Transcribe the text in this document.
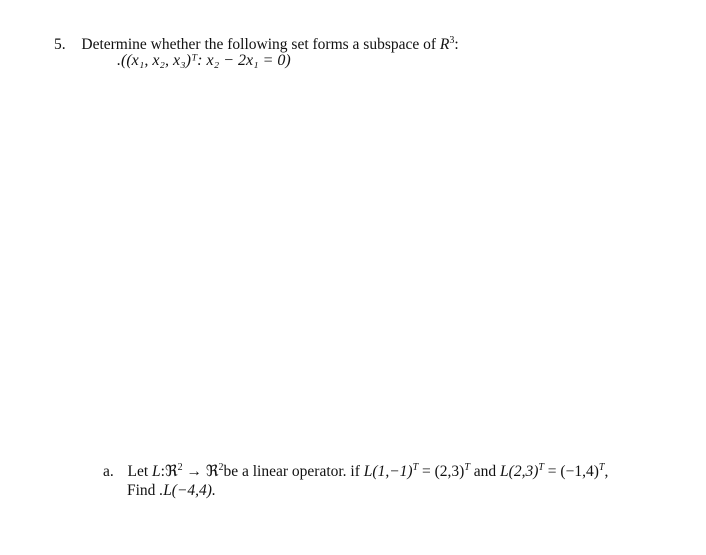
5. Determine whether the following set forms a subspace of $R^3$:
.((x₁, x₂, x₃)ᵀ: x₂ − 2x₁ = 0)
a. Let L:ℜ$^2$ → ℜ$^2$be a linear operator. if $L(1,-1)^T = (2,3)^T$ and $L(2,3)^T = (-1,4)^T$,
Find .L(−4,4).
